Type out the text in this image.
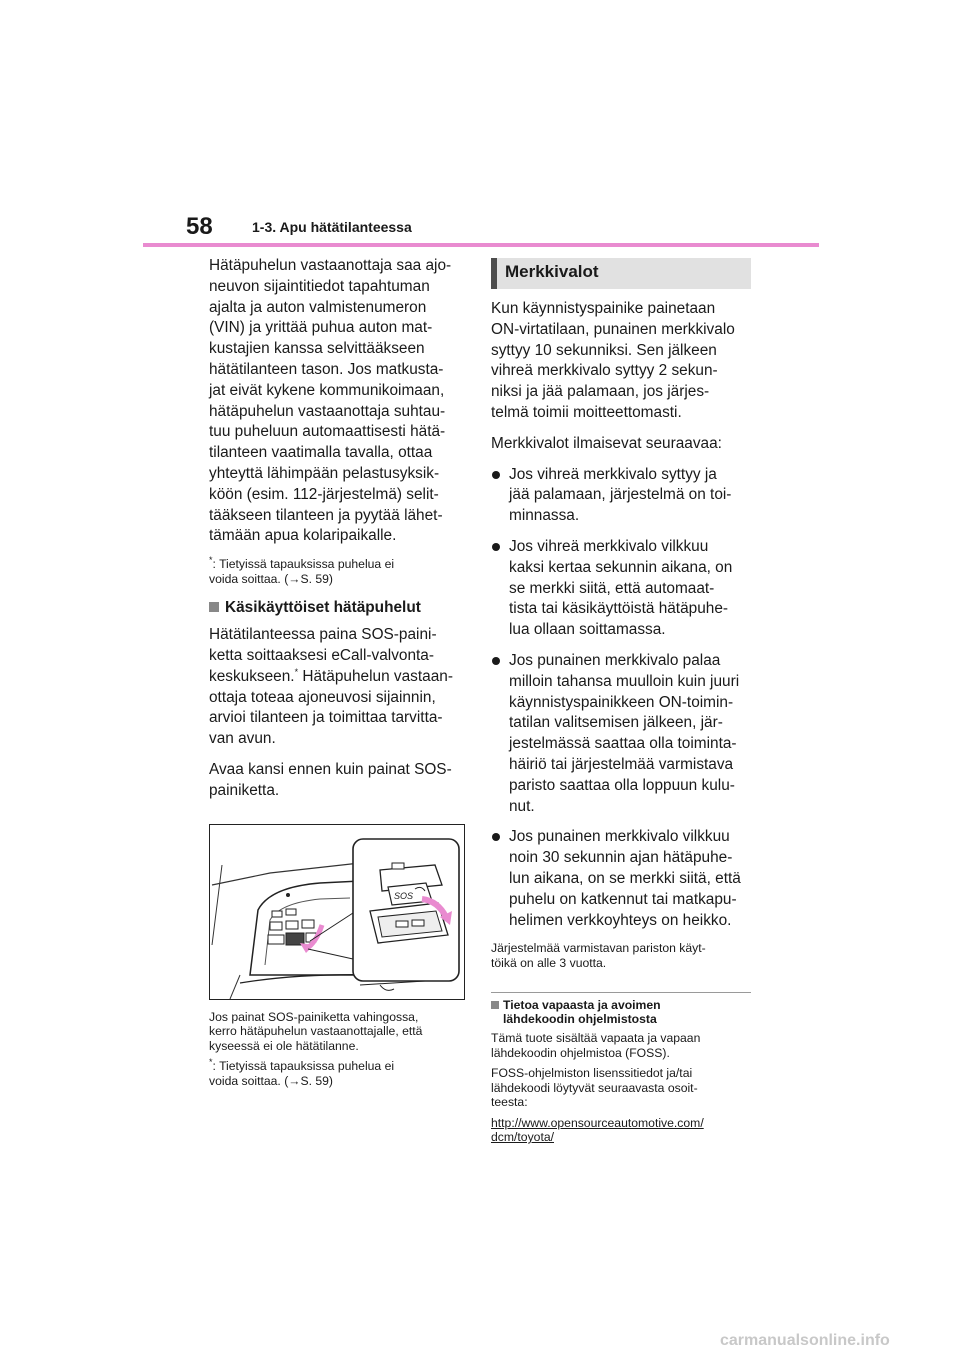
58	1-3. Apu hätätilanteessa

Hätäpuhelun vastaanottaja saa ajo-
neuvon sijaintitiedot tapahtuman
ajalta ja auton valmistenumeron
(VIN) ja yrittää puhua auton mat-
kustajien kanssa selvittääkseen
hätätilanteen tason. Jos matkusta-
jat eivät kykene kommunikoimaan,
hätäpuhelun vastaanottaja suhtau-
tuu puheluun automaattisesti hätä-
tilanteen vaatimalla tavalla, ottaa
yhteyttä lähimpään pelastusyksik-
köön (esim. 112-järjestelmä) selit-
tääkseen tilanteen ja pyytää lähet-
tämään apua kolaripaikalle.

*: Tietyissä tapauksissa puhelua ei
voida soittaa. (→S. 59)

Käsikäyttöiset hätäpuhelut

Hätätilanteessa paina SOS-paini-
ketta soittaaksesi eCall-valvonta-
keskukseen.* Hätäpuhelun vastaan-
ottaja toteaa ajoneuvosi sijainnin,
arvioi tilanteen ja toimittaa tarvitta-
van avun.

Avaa kansi ennen kuin painat SOS-
painiketta.

SOS

Jos painat SOS-painiketta vahingossa,
kerro hätäpuhelun vastaanottajalle, että
kyseessä ei ole hätätilanne.

*: Tietyissä tapauksissa puhelua ei
voida soittaa. (→S. 59)

Merkkivalot

Kun käynnistyspainike painetaan
ON-virtatilaan, punainen merkkivalo
syttyy 10 sekunniksi. Sen jälkeen
vihreä merkkivalo syttyy 2 sekun-
niksi ja jää palamaan, jos järjes-
telmä toimii moitteettomasti.

Merkkivalot ilmaisevat seuraavaa:

Jos vihreä merkkivalo syttyy ja
jää palamaan, järjestelmä on toi-
minnassa.
Jos vihreä merkkivalo vilkkuu
kaksi kertaa sekunnin aikana, on
se merkki siitä, että automaat-
tista tai käsikäyttöistä hätäpuhe-
lua ollaan soittamassa.
Jos punainen merkkivalo palaa
milloin tahansa muulloin kuin juuri
käynnistyspainikkeen ON-toimin-
tatilan valitsemisen jälkeen, jär-
jestelmässä saattaa olla toiminta-
häiriö tai järjestelmää varmistava
paristo saattaa olla loppuun kulu-
nut.
Jos punainen merkkivalo vilkkuu
noin 30 sekunnin ajan hätäpuhe-
lun aikana, on se merkki siitä, että
puhelu on katkennut tai matkapu-
helimen verkkoyhteys on heikko.

Järjestelmää varmistavan pariston käyt-
töikä on alle 3 vuotta.

Tietoa vapaasta ja avoimen
lähdekoodin ohjelmistosta

Tämä tuote sisältää vapaata ja vapaan
lähdekoodin ohjelmistoa (FOSS).

FOSS-ohjelmiston lisenssitiedot ja/tai
lähdekoodi löytyvät seuraavasta osoit-
teesta:

http://www.opensourceautomotive.com/
dcm/toyota/

carmanualsonline.info
